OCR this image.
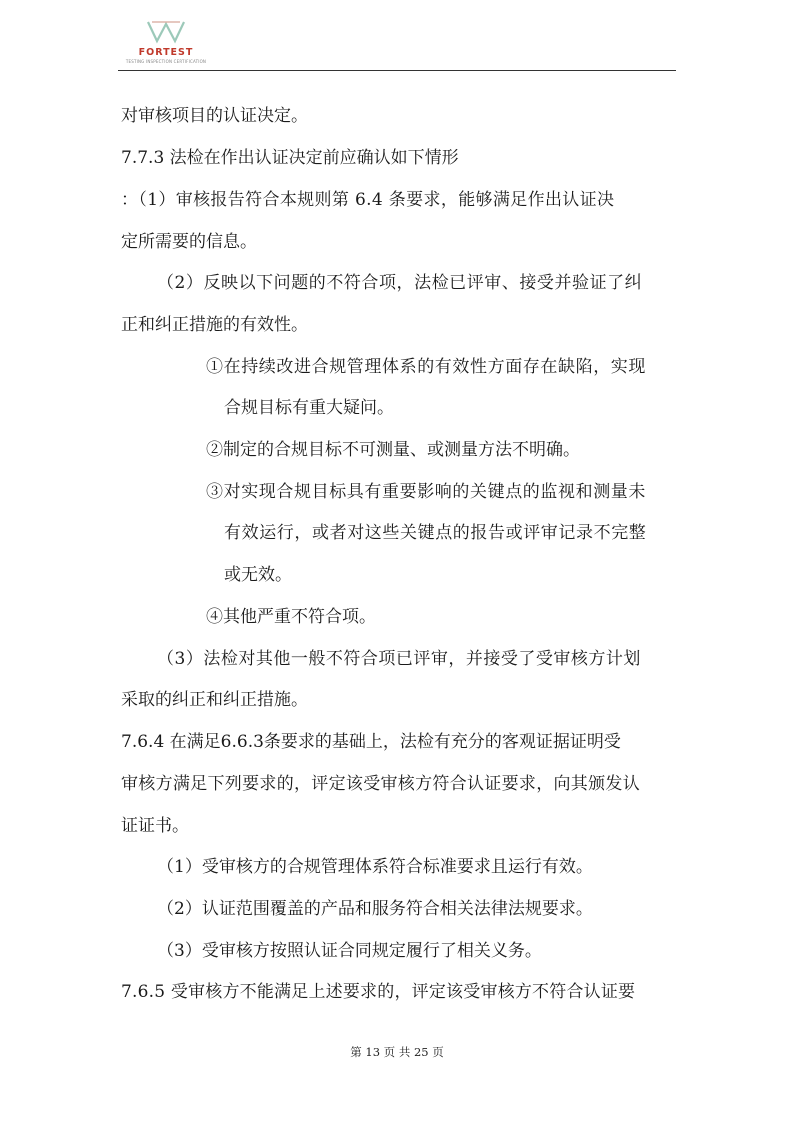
FORTEST
TESTING INSPECTION CERTIFICATION
对审核项目的认证决定。
7.7.3 法检在作出认证决定前应确认如下情形
：（1）审核报告符合本规则第 6.4 条要求，能够满足作出认证决
定所需要的信息。
（2）反映以下问题的不符合项，法检已评审、接受并验证了纠
正和纠正措施的有效性。
①在持续改进合规管理体系的有效性方面存在缺陷，实现
合规目标有重大疑问。
②制定的合规目标不可测量、或测量方法不明确。
③对实现合规目标具有重要影响的关键点的监视和测量未
有效运行，或者对这些关键点的报告或评审记录不完整
或无效。
④其他严重不符合项。
（3）法检对其他一般不符合项已评审，并接受了受审核方计划
采取的纠正和纠正措施。
7.6.4 在满足6.6.3条要求的基础上，法检有充分的客观证据证明受
审核方满足下列要求的，评定该受审核方符合认证要求，向其颁发认
证证书。
（1）受审核方的合规管理体系符合标准要求且运行有效。
（2）认证范围覆盖的产品和服务符合相关法律法规要求。
（3）受审核方按照认证合同规定履行了相关义务。
7.6.5 受审核方不能满足上述要求的，评定该受审核方不符合认证要
第 13 页 共 25 页
